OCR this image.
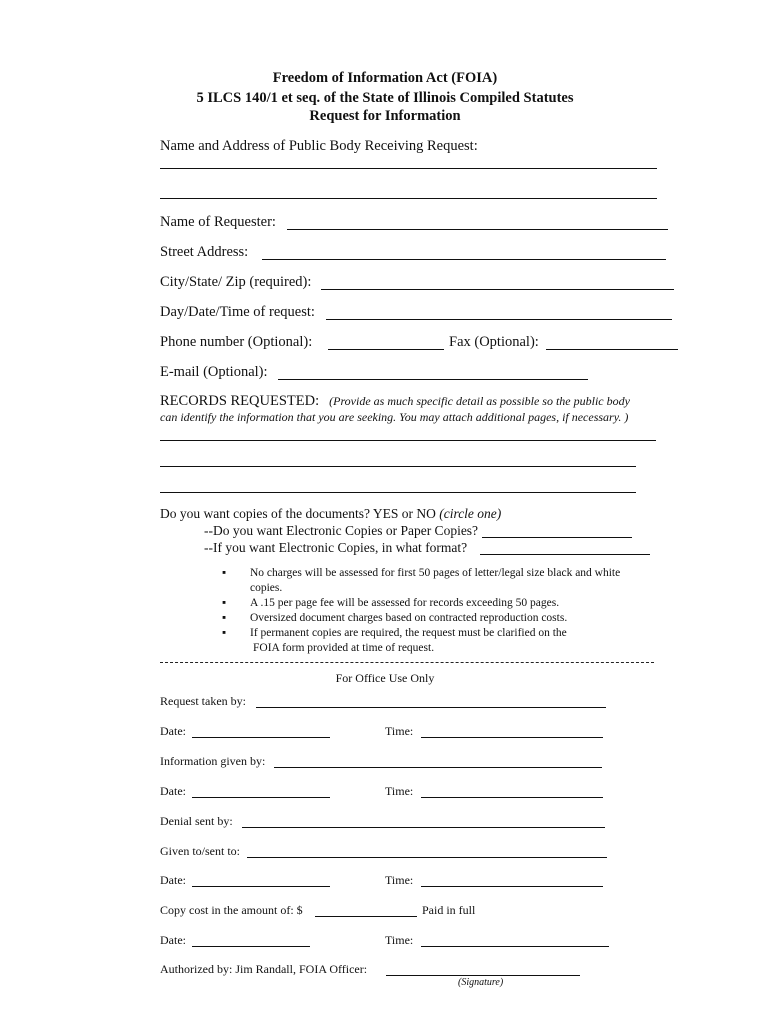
Freedom of Information Act (FOIA)
5 ILCS 140/1 et seq. of the State of Illinois Compiled Statutes
Request for Information
Name and Address of Public Body Receiving Request:
Name of Requester:
Street Address:
City/State/ Zip (required):
Day/Date/Time of request:
Phone number (Optional):	Fax (Optional):
E-mail (Optional):
RECORDS REQUESTED: (Provide as much specific detail as possible so the public body
can identify the information that you are seeking. You may attach additional pages, if necessary. )
Do you want copies of the documents? YES or NO (circle one)
--Do you want Electronic Copies or Paper Copies?
--If you want Electronic Copies, in what format?
▪ No charges will be assessed for first 50 pages of letter/legal size black and white
copies.
▪ A .15 per page fee will be assessed for records exceeding 50 pages.
▪ Oversized document charges based on contracted reproduction costs.
▪ If permanent copies are required, the request must be clarified on the
FOIA form provided at time of request.
For Office Use Only
Request taken by:
Date:	Time:
Information given by:
Date:	Time:
Denial sent by:
Given to/sent to:
Date:	Time:
Copy cost in the amount of: $	Paid in full
Date:	Time:
Authorized by: Jim Randall, FOIA Officer:
(Signature)
